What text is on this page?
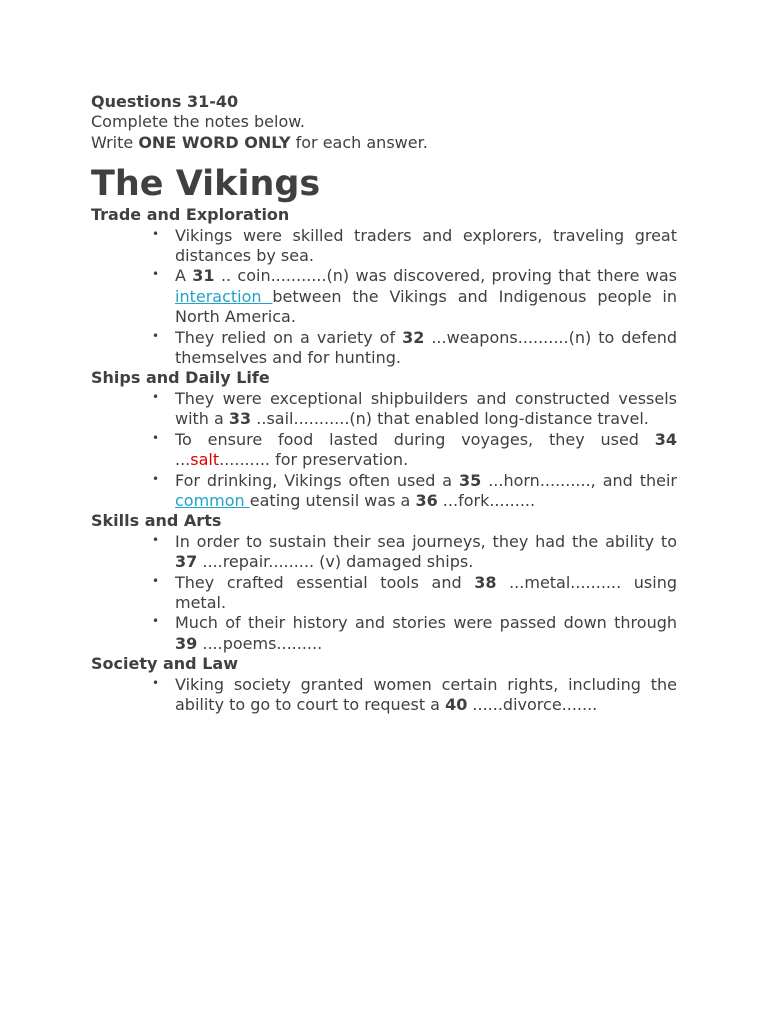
Questions 31-40
Complete the notes below.
Write ONE WORD ONLY for each answer.
The Vikings
Trade and Exploration
• Vikings were skilled traders and explorers, traveling great distances by sea.
• A 31 .. coin...........(n) was discovered, proving that there was interaction between the Vikings and Indigenous people in North America.
• They relied on a variety of 32 ...weapons..........(n) to defend themselves and for hunting.
Ships and Daily Life
• They were exceptional shipbuilders and constructed vessels with a 33 ..sail...........(n) that enabled long-distance travel.
• To ensure food lasted during voyages, they used 34 ...salt.......... for preservation.
• For drinking, Vikings often used a 35 ...horn.........., and their common eating utensil was a 36 ...fork.........
Skills and Arts
• In order to sustain their sea journeys, they had the ability to 37 ....repair......... (v) damaged ships.
• They crafted essential tools and 38 ...metal.......... using metal.
• Much of their history and stories were passed down through 39 ....poems.........
Society and Law
• Viking society granted women certain rights, including the ability to go to court to request a 40 ......divorce.......
